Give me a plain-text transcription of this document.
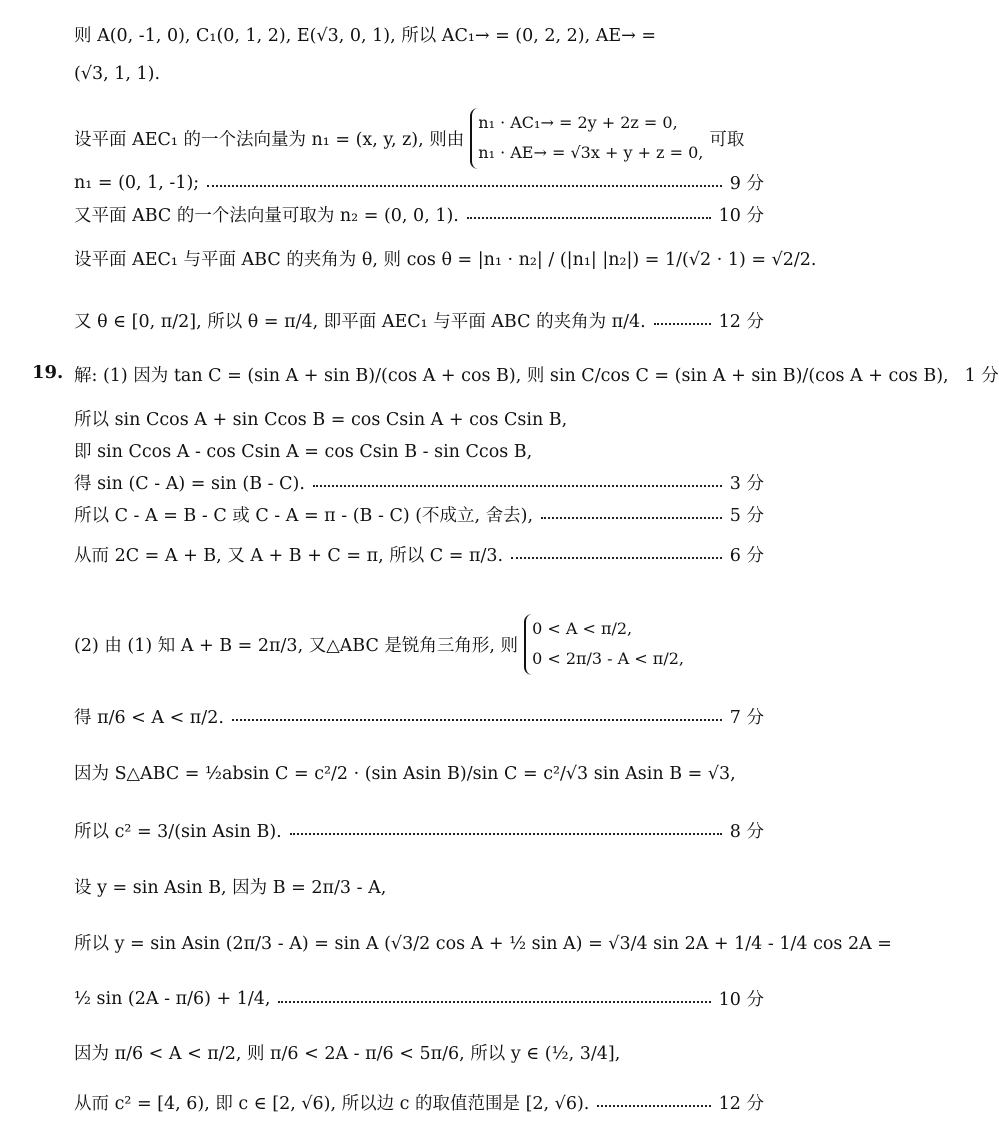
则 A(0, -1, 0), C₁(0, 1, 2), E(√3, 0, 1), 所以 AC₁→ = (0, 2, 2), AE→ =
(√3, 1, 1).
设平面 AEC₁ 的一个法向量为 n₁ = (x, y, z), 则由
n₁ · AC₁→ = 2y + 2z = 0,
n₁ · AE→ = √3x + y + z = 0,
可取
n₁ = (0, 1, -1);	9 分
又平面 ABC 的一个法向量可取为 n₂ = (0, 0, 1).	10 分
设平面 AEC₁ 与平面 ABC 的夹角为 θ, 则 cos θ = |n₁ · n₂| / (|n₁| |n₂|) = 1/(√2 · 1) = √2/2.
又 θ ∈ [0, π/2], 所以 θ = π/4, 即平面 AEC₁ 与平面 ABC 的夹角为 π/4.	12 分
19. 解: (1) 因为 tan C = (sin A + sin B)/(cos A + cos B), 则 sin C/cos C = (sin A + sin B)/(cos A + cos B), 1 分
所以 sin Ccos A + sin Ccos B = cos Csin A + cos Csin B,
即 sin Ccos A - cos Csin A = cos Csin B - sin Ccos B,
得 sin (C - A) = sin (B - C).	3 分
所以 C - A = B - C 或 C - A = π - (B - C) (不成立, 舍去),	5 分
从而 2C = A + B, 又 A + B + C = π, 所以 C = π/3.	6 分
(2) 由 (1) 知 A + B = 2π/3, 又△ABC 是锐角三角形, 则
0 < A < π/2,
0 < 2π/3 - A < π/2,
得 π/6 < A < π/2.	7 分
因为 S△ABC = ½absin C = c²/2 · (sin Asin B)/sin C = c²/√3 sin Asin B = √3,
所以 c² = 3/(sin Asin B).	8 分
设 y = sin Asin B, 因为 B = 2π/3 - A,
所以 y = sin Asin (2π/3 - A) = sin A (√3/2 cos A + ½ sin A) = √3/4 sin 2A + 1/4 - 1/4 cos 2A =
½ sin (2A - π/6) + 1/4,	10 分
因为 π/6 < A < π/2, 则 π/6 < 2A - π/6 < 5π/6, 所以 y ∈ (½, 3/4],
从而 c² = [4, 6), 即 c ∈ [2, √6), 所以边 c 的取值范围是 [2, √6).	12 分
